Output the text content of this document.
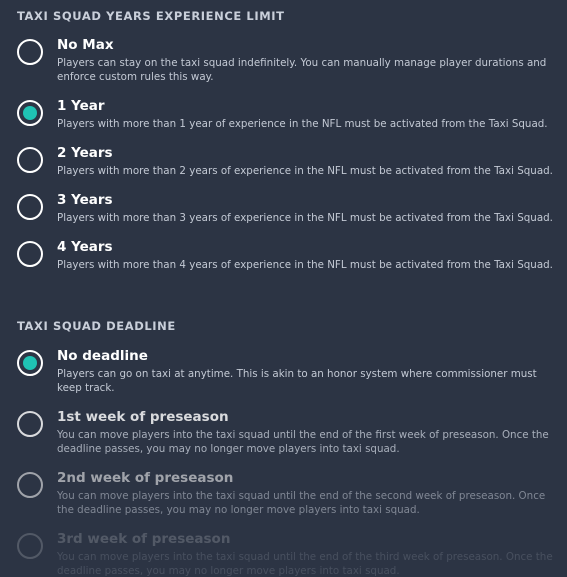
TAXI SQUAD YEARS EXPERIENCE LIMIT
No Max
Players can stay on the taxi squad indefinitely. You can manually manage player durations and enforce custom rules this way.
1 Year
Players with more than 1 year of experience in the NFL must be activated from the Taxi Squad.
2 Years
Players with more than 2 years of experience in the NFL must be activated from the Taxi Squad.
3 Years
Players with more than 3 years of experience in the NFL must be activated from the Taxi Squad.
4 Years
Players with more than 4 years of experience in the NFL must be activated from the Taxi Squad.
TAXI SQUAD DEADLINE
No deadline
Players can go on taxi at anytime. This is akin to an honor system where commissioner must keep track.
1st week of preseason
You can move players into the taxi squad until the end of the first week of preseason. Once the deadline passes, you may no longer move players into taxi squad.
2nd week of preseason
You can move players into the taxi squad until the end of the second week of preseason. Once the deadline passes, you may no longer move players into taxi squad.
3rd week of preseason
You can move players into the taxi squad until the end of the third week of preseason. Once the deadline passes, you may no longer move players into taxi squad.
